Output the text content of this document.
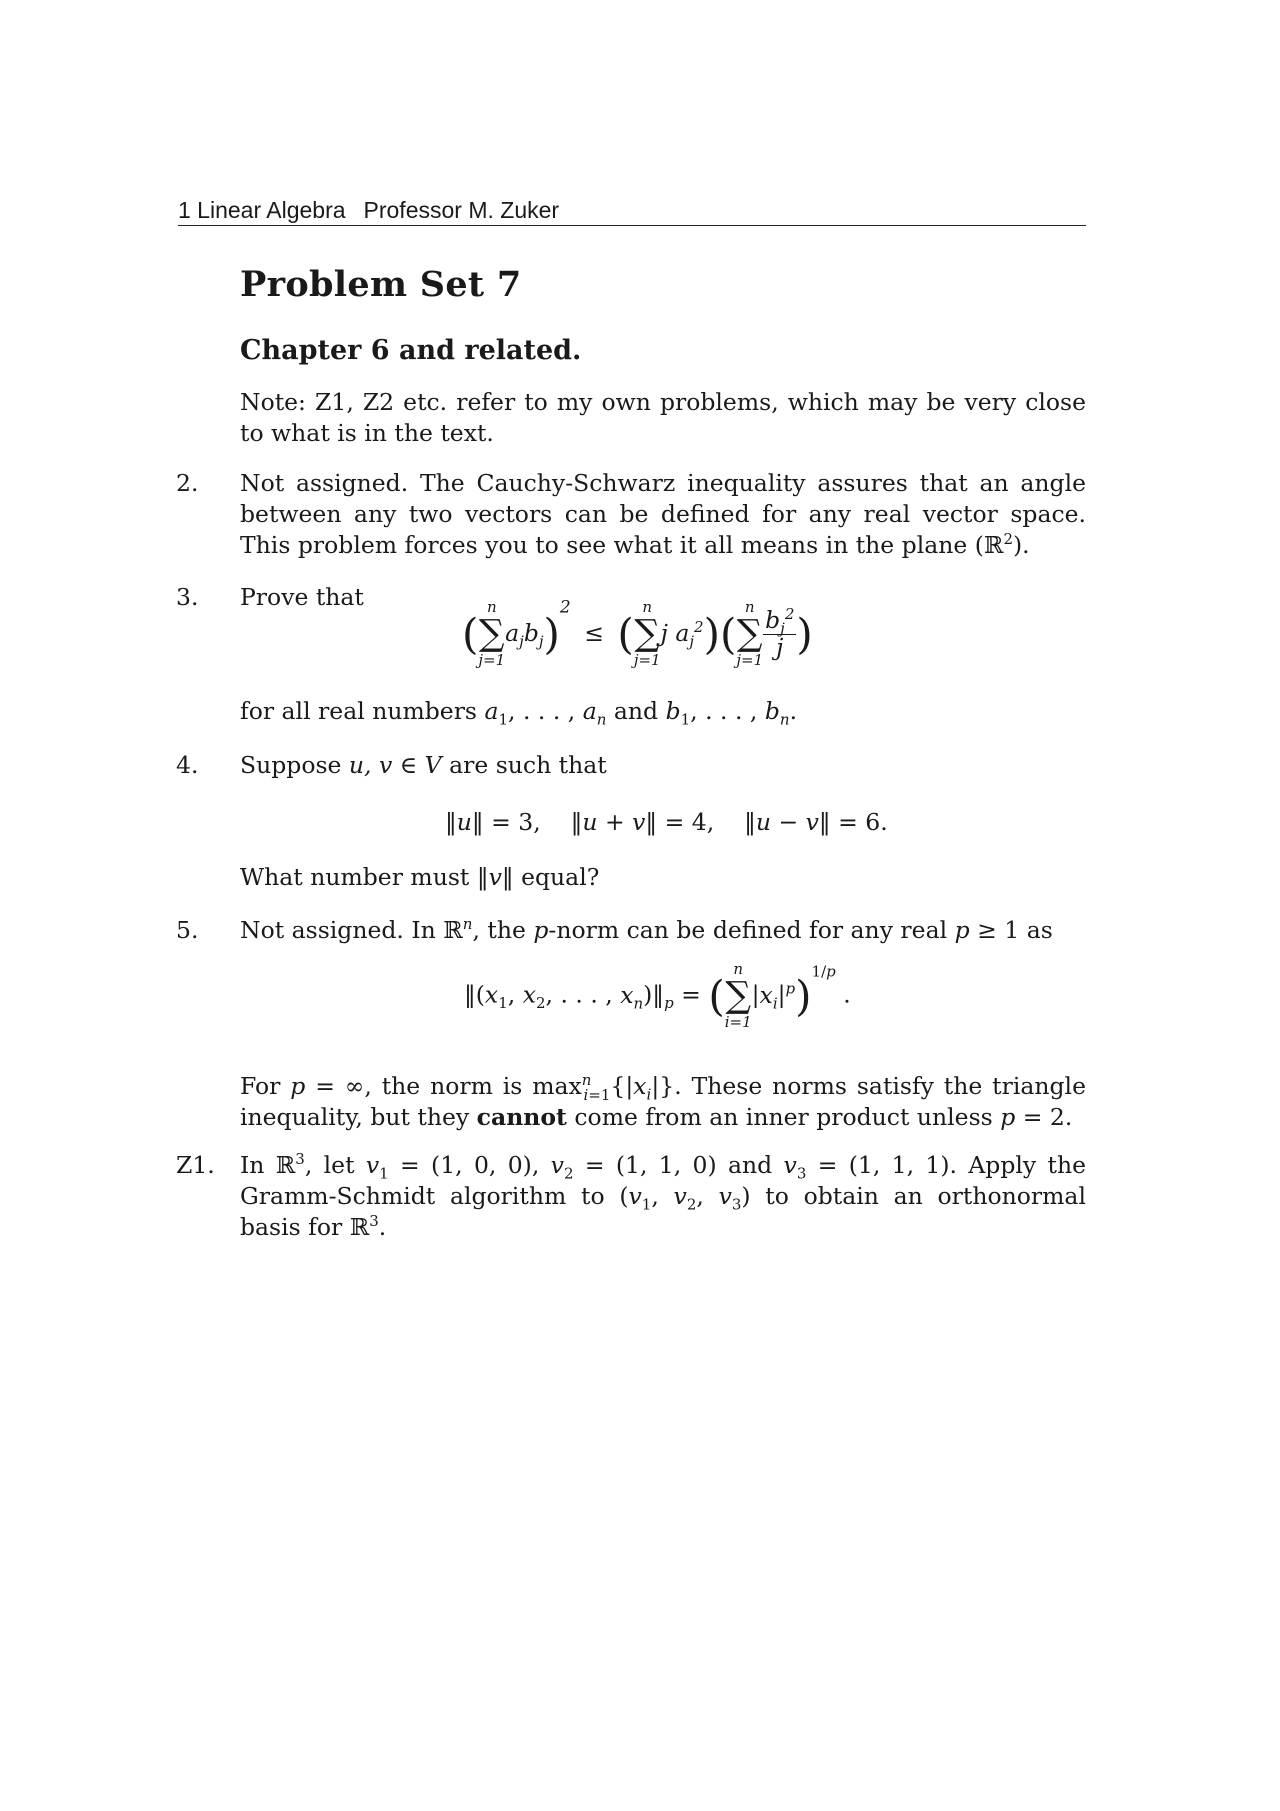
1 Linear Algebra Professor M. Zuker
Problem Set 7
Chapter 6 and related.
Note: Z1, Z2 etc. refer to my own problems, which may be very close to what is in the text.
2. Not assigned. The Cauchy-Schwarz inequality assures that an angle between any two vectors can be defined for any real vector space. This problem forces you to see what it all means in the plane (ℝ$^2$).
3. Prove that
(
n
∑
j=1
$a_jb_j)^2$ ≤ (
n
∑
j=1
j $a_j^2$)(
n
∑
$j=1 \frac{b_j^2}{j}$ )
for all real numbers $a_1$, . . . , $a_n$ and $b_1$, . . . , $b_n$.
4. Suppose u, v ∈ V are such that
‖u‖ = 3,    ‖u + v‖ = 4,    ‖u − v‖ = 6.
What number must ‖v‖ equal?
5. Not assigned. In ℝ$^n$, the p-norm can be defined for any real p ≥ 1 as
$‖(x_1$, $x_2$, . . . , $x_n)‖_p$ = (
n
∑
i=1
$|x_i|^p)^{1/p}$ .
For p = ∞, the norm is $\max^n_{i=1}\{|x_i|\}$. These norms satisfy the triangle inequality, but they cannot come from an inner product unless p = 2.
Z1. In ℝ$^3$, let $v_1 = (1$, 0, 0), $v_2 = (1$, 1, 0) and $v_3 = (1$, 1, 1). Apply the Gramm-Schmidt algorithm to ($v_1$, $v_2$, $v_3$) to obtain an orthonormal basis for ℝ$^3$.
